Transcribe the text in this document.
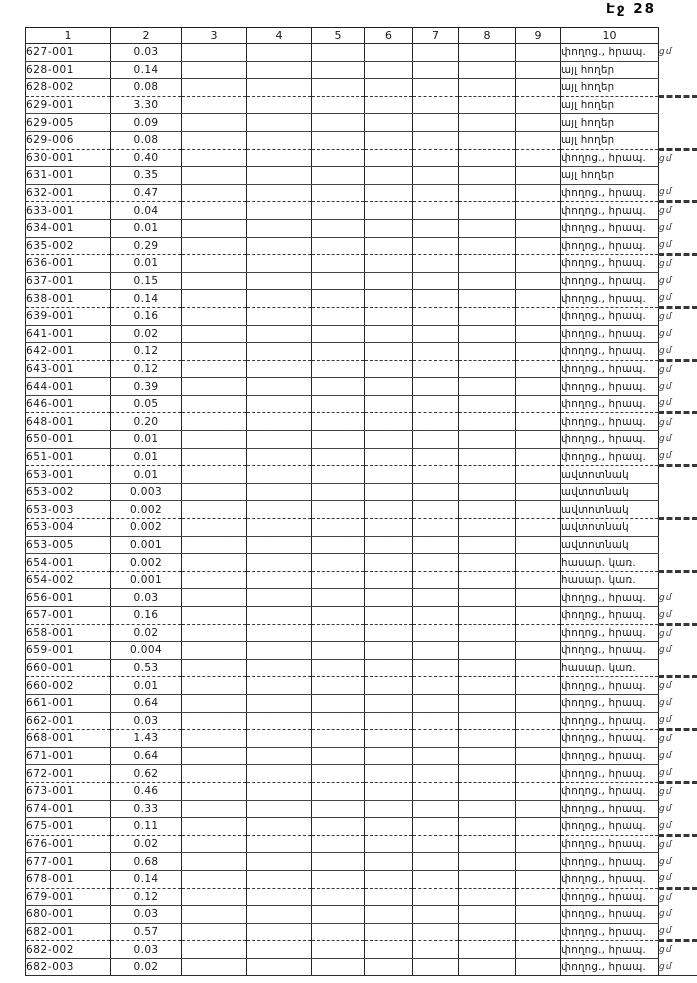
Էջ 28
1	2	3	4	5	6	7	8	9	10	
627-001	0.03								փողոց., հրապ.	ցմ
628-001	0.14								այլ հողեր	
628-002	0.08								այլ հողեր	
629-001	3.30								այլ հողեր	
629-005	0.09								այլ հողեր	
629-006	0.08								այլ հողեր	
630-001	0.40								փողոց., հրապ.	ցմ
631-001	0.35								այլ հողեր	
632-001	0.47								փողոց., հրապ.	ցմ
633-001	0.04								փողոց., հրապ.	ցմ
634-001	0.01								փողոց., հրապ.	ցմ
635-002	0.29								փողոց., հրապ.	ցմ
636-001	0.01								փողոց., հրապ.	ցմ
637-001	0.15								փողոց., հրապ.	ցմ
638-001	0.14								փողոց., հրապ.	ցմ
639-001	0.16								փողոց., հրապ.	ցմ
641-001	0.02								փողոց., հրապ.	ցմ
642-001	0.12								փողոց., հրապ.	ցմ
643-001	0.12								փողոց., հրապ.	ցմ
644-001	0.39								փողոց., հրապ.	ցմ
646-001	0.05								փողոց., հրապ.	ցմ
648-001	0.20								փողոց., հրապ.	ցմ
650-001	0.01								փողոց., հրապ.	ցմ
651-001	0.01								փողոց., հրապ.	ցմ
653-001	0.01								ավտոտնակ	
653-002	0.003								ավտոտնակ	
653-003	0.002								ավտոտնակ	
653-004	0.002								ավտոտնակ	
653-005	0.001								ավտոտնակ	
654-001	0.002								հասար. կառ.	
654-002	0.001								հասար. կառ.	
656-001	0.03								փողոց., հրապ.	ցմ
657-001	0.16								փողոց., հրապ.	ցմ
658-001	0.02								փողոց., հրապ.	ցմ
659-001	0.004								փողոց., հրապ.	ցմ
660-001	0.53								հասար. կառ.	
660-002	0.01								փողոց., հրապ.	ցմ
661-001	0.64								փողոց., հրապ.	ցմ
662-001	0.03								փողոց., հրապ.	ցմ
668-001	1.43								փողոց., հրապ.	ցմ
671-001	0.64								փողոց., հրապ.	ցմ
672-001	0.62								փողոց., հրապ.	ցմ
673-001	0.46								փողոց., հրապ.	ցմ
674-001	0.33								փողոց., հրապ.	ցմ
675-001	0.11								փողոց., հրապ.	ցմ
676-001	0.02								փողոց., հրապ.	ցմ
677-001	0.68								փողոց., հրապ.	ցմ
678-001	0.14								փողոց., հրապ.	ցմ
679-001	0.12								փողոց., հրապ.	ցմ
680-001	0.03								փողոց., հրապ.	ցմ
682-001	0.57								փողոց., հրապ.	ցմ
682-002	0.03								փողոց., հրապ.	ցմ
682-003	0.02								փողոց., հրապ.	ցմ
